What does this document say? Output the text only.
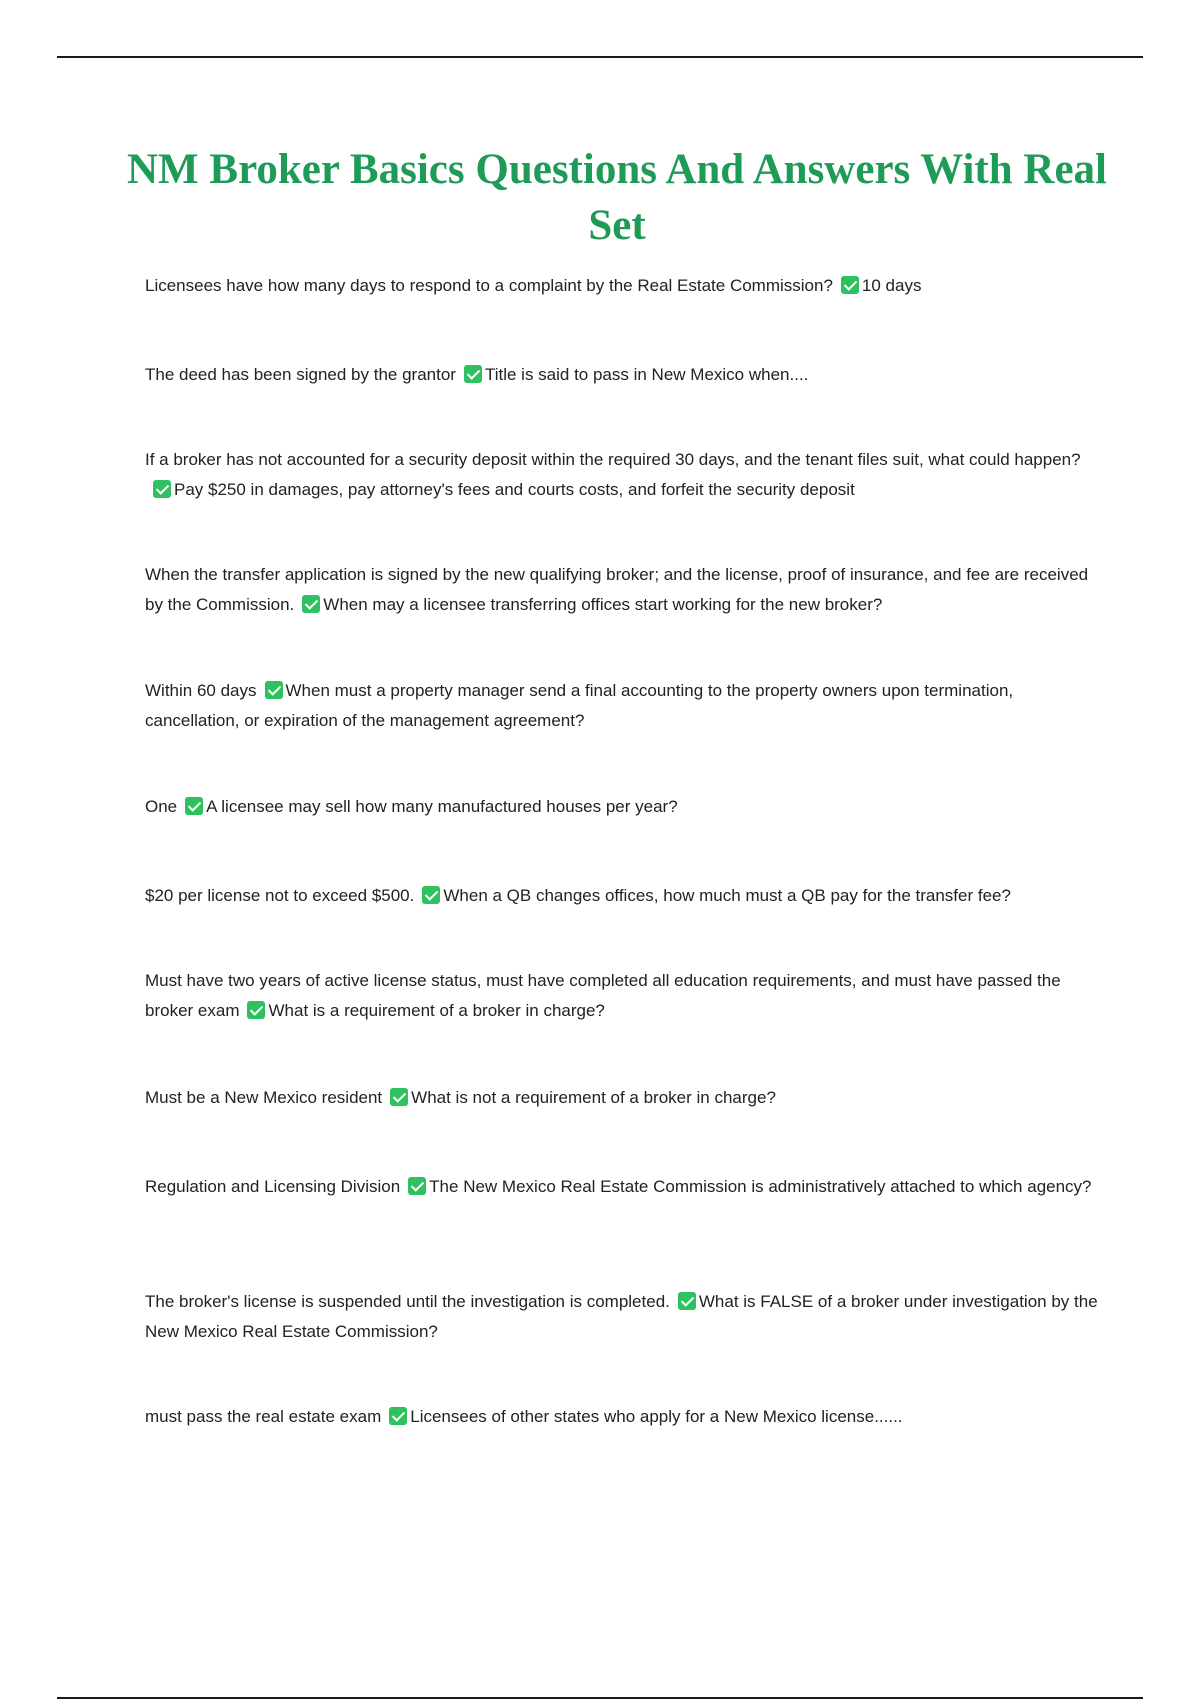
NM Broker Basics Questions And Answers With Real Set

Licensees have how many days to respond to a complaint by the Real Estate Commission? 10 days

The deed has been signed by the grantor Title is said to pass in New Mexico when....

If a broker has not accounted for a security deposit within the required 30 days, and the tenant files suit, what could happen?Pay $250 in damages, pay attorney's fees and courts costs, and forfeit the security deposit

When the transfer application is signed by the new qualifying broker; and the license, proof of insurance, and fee are received by the Commission. When may a licensee transferring offices start working for the new broker?

Within 60 days When must a property manager send a final accounting to the property owners upon termination, cancellation, or expiration of the management agreement?

One A licensee may sell how many manufactured houses per year?

$20 per license not to exceed $500. When a QB changes offices, how much must a QB pay for the transfer fee?

Must have two years of active license status, must have completed all education requirements, and must have passed the broker exam What is a requirement of a broker in charge?

Must be a New Mexico resident What is not a requirement of a broker in charge?

Regulation and Licensing Division The New Mexico Real Estate Commission is administratively attached to which agency?

The broker's license is suspended until the investigation is completed. What is FALSE of a broker under investigation by the New Mexico Real Estate Commission?

must pass the real estate exam Licensees of other states who apply for a New Mexico license......
